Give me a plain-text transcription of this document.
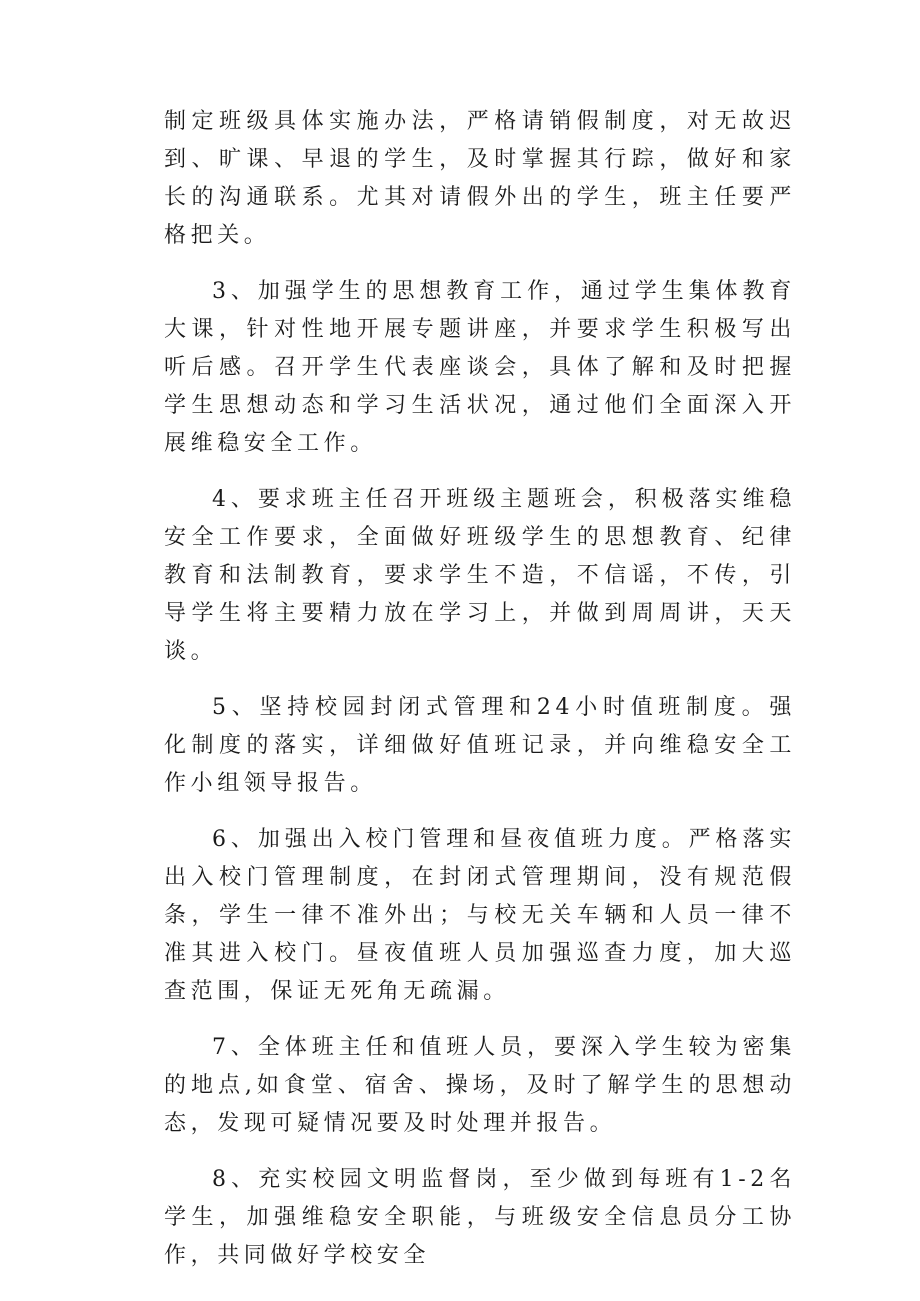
制定班级具体实施办法，严格请销假制度，对无故迟到、旷课、早退的学生，及时掌握其行踪，做好和家长的沟通联系。尤其对请假外出的学生，班主任要严格把关。

3、加强学生的思想教育工作，通过学生集体教育大课，针对性地开展专题讲座，并要求学生积极写出听后感。召开学生代表座谈会，具体了解和及时把握学生思想动态和学习生活状况，通过他们全面深入开展维稳安全工作。

4、要求班主任召开班级主题班会，积极落实维稳安全工作要求，全面做好班级学生的思想教育、纪律教育和法制教育，要求学生不造，不信谣，不传，引导学生将主要精力放在学习上，并做到周周讲，天天谈。

5、坚持校园封闭式管理和24小时值班制度。强化制度的落实，详细做好值班记录，并向维稳安全工作小组领导报告。

6、加强出入校门管理和昼夜值班力度。严格落实出入校门管理制度，在封闭式管理期间，没有规范假条，学生一律不准外出；与校无关车辆和人员一律不准其进入校门。昼夜值班人员加强巡查力度，加大巡查范围，保证无死角无疏漏。

7、全体班主任和值班人员，要深入学生较为密集的地点,如食堂、宿舍、操场，及时了解学生的思想动态，发现可疑情况要及时处理并报告。

8、充实校园文明监督岗，至少做到每班有1-2名学生，加强维稳安全职能，与班级安全信息员分工协作，共同做好学校安全
